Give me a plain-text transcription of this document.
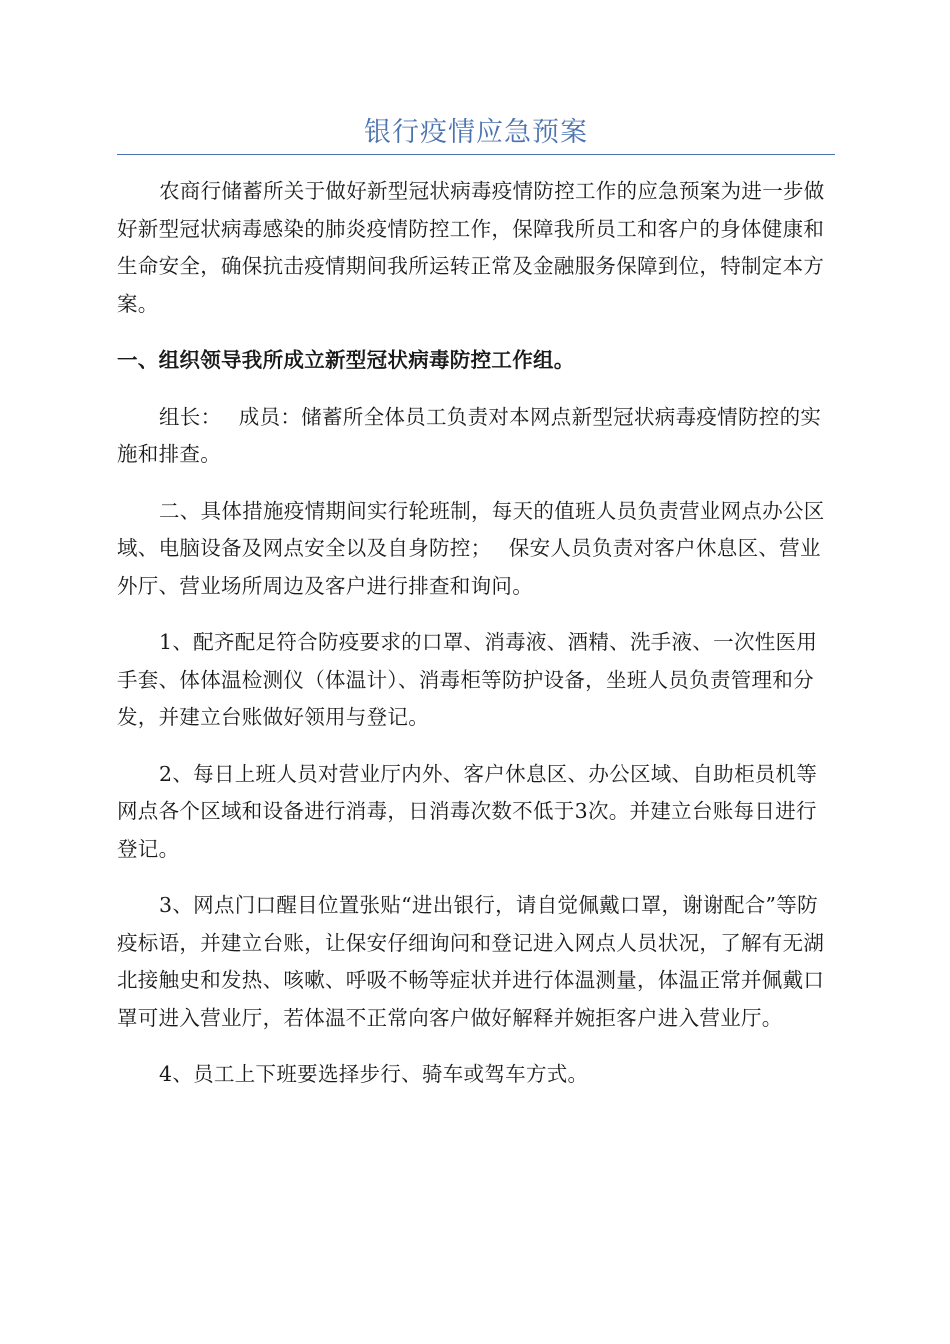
银行疫情应急预案

农商行储蓄所关于做好新型冠状病毒疫情防控工作的应急预案为进一步做好新型冠状病毒感染的肺炎疫情防控工作，保障我所员工和客户的身体健康和生命安全，确保抗击疫情期间我所运转正常及金融服务保障到位，特制定本方案。

一、组织领导我所成立新型冠状病毒防控工作组。

组长：　 成员：储蓄所全体员工负责对本网点新型冠状病毒疫情防控的实施和排查。

二、具体措施疫情期间实行轮班制，每天的值班人员负责营业网点办公区域、电脑设备及网点安全以及自身防控；　 保安人员负责对客户休息区、营业外厅、营业场所周边及客户进行排查和询问。

1、配齐配足符合防疫要求的口罩、消毒液、酒精、洗手液、一次性医用手套、体体温检测仪（体温计）、消毒柜等防护设备，坐班人员负责管理和分发，并建立台账做好领用与登记。

2、每日上班人员对营业厅内外、客户休息区、办公区域、自助柜员机等网点各个区域和设备进行消毒，日消毒次数不低于3次。并建立台账每日进行登记。

3、网点门口醒目位置张贴“进出银行，请自觉佩戴口罩，谢谢配合”等防疫标语，并建立台账，让保安仔细询问和登记进入网点人员状况，了解有无湖北接触史和发热、咳嗽、呼吸不畅等症状并进行体温测量，体温正常并佩戴口罩可进入营业厅，若体温不正常向客户做好解释并婉拒客户进入营业厅。

4、员工上下班要选择步行、骑车或驾车方式。
